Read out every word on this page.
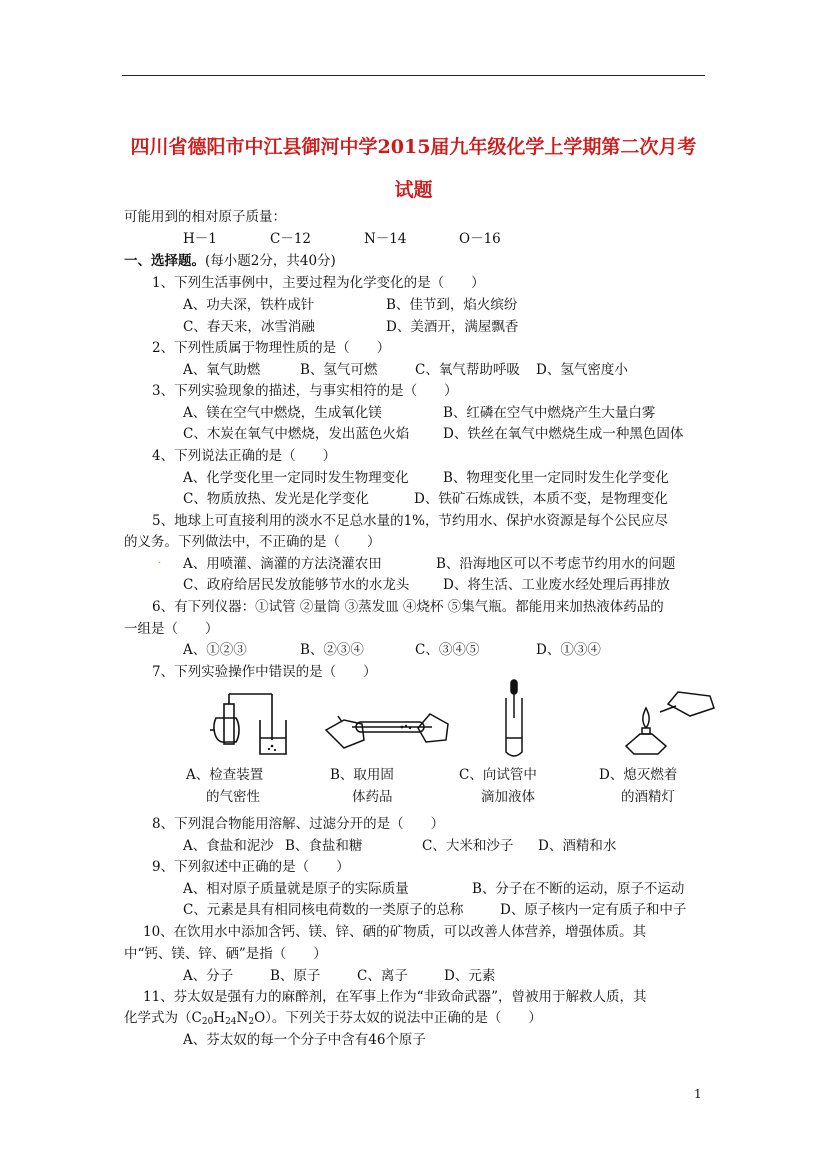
四川省德阳市中江县御河中学2015届九年级化学上学期第二次月考
试题
可能用到的相对原子质量：
H－1	C－12	N－14	O－16
一、选择题。(每小题2分，共40分)
1、下列生活事例中，主要过程为化学变化的是（　　）
A、功夫深，铁杵成针	B、佳节到，焰火缤纷
C、春天来，冰雪消融	D、美酒开，满屋飘香
2、下列性质属于物理性质的是（　　）
A、氧气助燃	B、氢气可燃	C、氧气帮助呼吸 D、氢气密度小
3、下列实验现象的描述，与事实相符的是（　　）
A、镁在空气中燃烧，生成氧化镁	B、红磷在空气中燃烧产生大量白雾
C、木炭在氧气中燃烧，发出蓝色火焰 D、铁丝在氧气中燃烧生成一种黑色固体
4、下列说法正确的是（　　）
A、化学变化里一定同时发生物理变化	B、物理变化里一定同时发生化学变化
C、物质放热、发光是化学变化	D、铁矿石炼成铁，本质不变，是物理变化
5、地球上可直接利用的淡水不足总水量的1%，节约用水、保护水资源是每个公民应尽
的义务。下列做法中，不正确的是（　　）
. A、用喷灌、滴灌的方法浇灌农田	B、沿海地区可以不考虑节约用水的问题
C、政府给居民发放能够节水的水龙头 D、将生活、工业废水经处理后再排放
6、有下列仪器：①试管 ②量筒 ③蒸发皿 ④烧杯 ⑤集气瓶。都能用来加热液体药品的
一组是（　　）
A、①②③	B、②③④	C、③④⑤	D、①③④
7、下列实验操作中错误的是（　　）
A、检查装置
的气密性
B、取用固
体药品
C、向试管中
滴加液体
D、熄灭燃着
的酒精灯
8、下列混合物能用溶解、过滤分开的是（　　）
A、食盐和泥沙 B、食盐和糖	C、大米和沙子 D、酒精和水
9、下列叙述中正确的是（　　）
A、相对原子质量就是原子的实际质量	B、分子在不断的运动，原子不运动
C、元素是具有相同核电荷数的一类原子的总称	D、原子核内一定有质子和中子
10、在饮用水中添加含钙、镁、锌、硒的矿物质，可以改善人体营养，增强体质。其
中“钙、镁、锌、硒”是指（　　）
A、分子	B、原子	C、离子	D、元素
11、芬太奴是强有力的麻醉剂，在军事上作为“非致命武器”，曾被用于解救人质，其
化学式为$(C_{20}H_{24}N_2O)$。下列关于芬太奴的说法中正确的是（　　）
A、芬太奴的每一个分子中含有46个原子
1
